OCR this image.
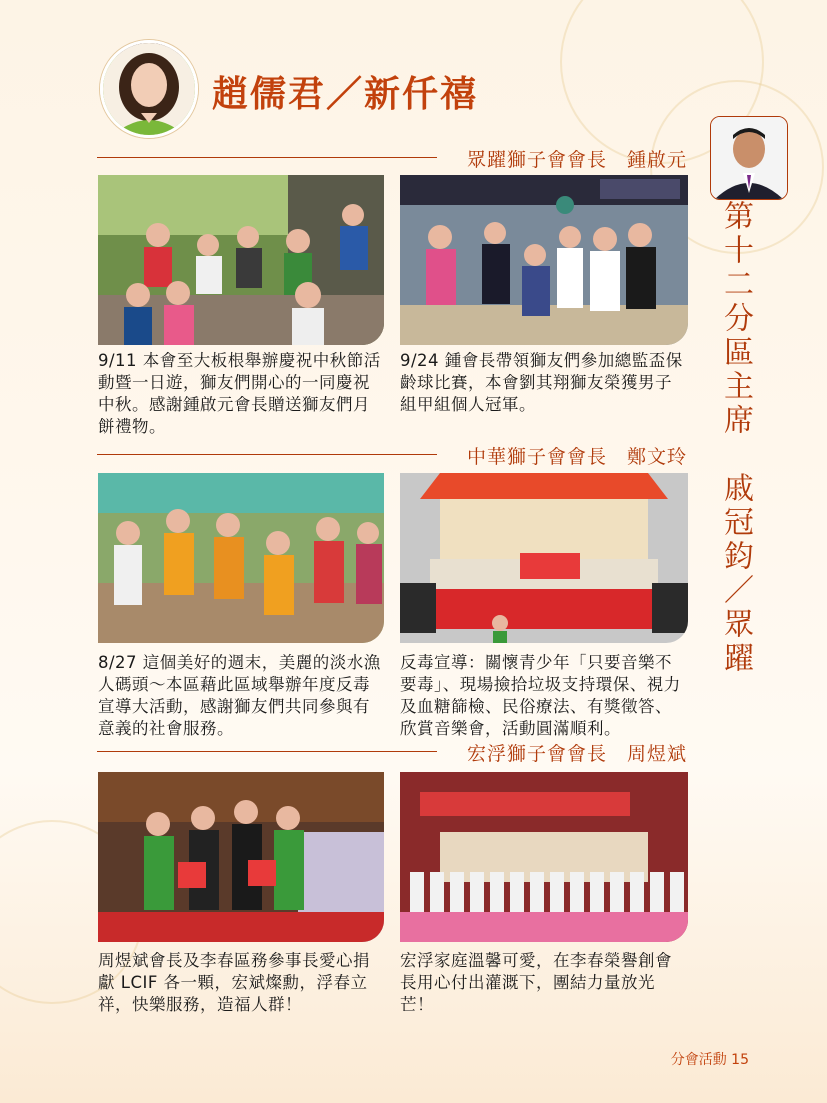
趙儒君／新仟禧
第十二分區主席　戚冠鈞／眾躍
眾躍獅子會會長　鍾啟元
9/11 本會至大板根舉辦慶祝中秋節活動暨一日遊，獅友們開心的一同慶祝中秋。感謝鍾啟元會長贈送獅友們月餅禮物。
9/24 鍾會長帶領獅友們參加總監盃保齡球比賽，本會劉其翔獅友榮獲男子組甲組個人冠軍。
中華獅子會會長　鄭文玲
8/27 這個美好的週末，美麗的淡水漁人碼頭～本區藉此區域舉辦年度反毒宣導大活動，感謝獅友們共同參與有意義的社會服務。
反毒宣導：關懷青少年「只要音樂不要毒」、現場撿拾垃圾支持環保、視力及血糖篩檢、民俗療法、有獎徵答、欣賞音樂會，活動圓滿順利。
宏浮獅子會會長　周煜斌
周煜斌會長及李春區務參事長愛心捐獻 LCIF 各一顆，宏斌燦勳，浮春立祥，快樂服務，造福人群！
宏浮家庭溫馨可愛，在李春榮譽創會長用心付出灌溉下，團結力量放光芒！
分會活動 15
